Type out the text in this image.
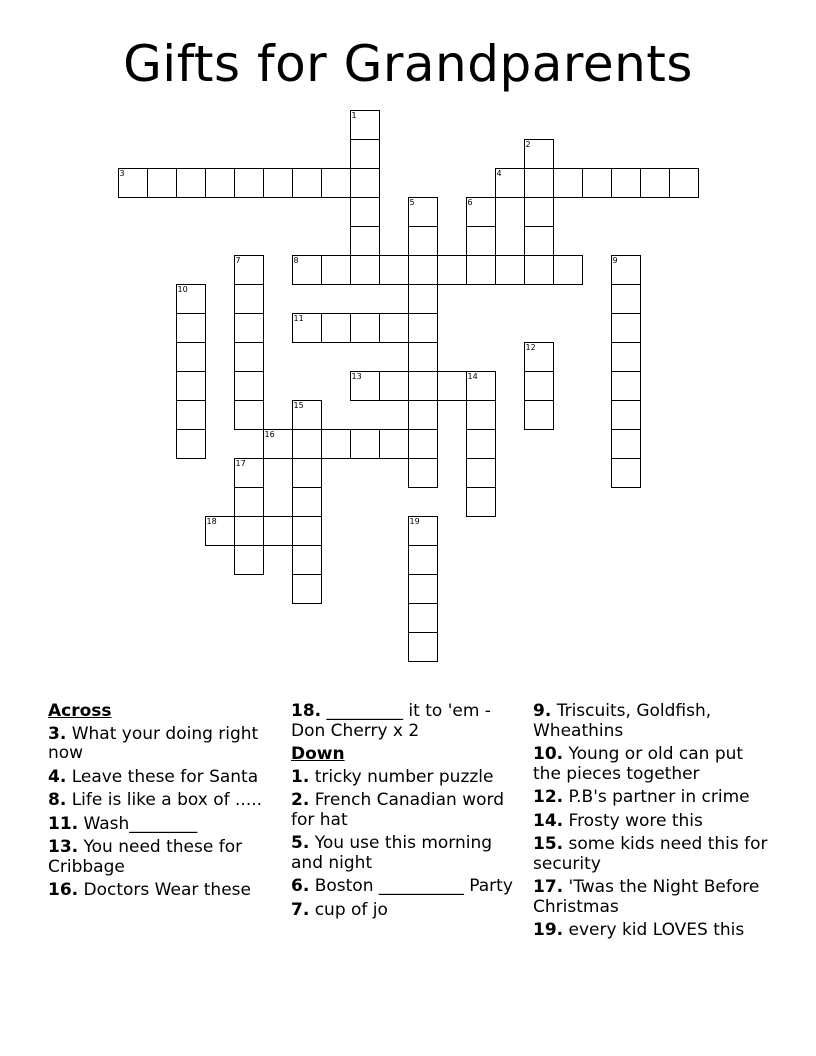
Gifts for Grandparents
1
2
3	4
5	6
7	8	9
10
11
12
13	14
15
16
17
18	19
Across
3. What your doing right now
4. Leave these for Santa
8. Life is like a box of .....
11. Wash________
13. You need these for Cribbage
16. Doctors Wear these
18. _________ it to 'em - Don Cherry x 2
Down
1. tricky number puzzle
2. French Canadian word for hat
5. You use this morning and night
6. Boston __________ Party
7. cup of jo
9. Triscuits, Goldfish, Wheathins
10. Young or old can put the pieces together
12. P.B's partner in crime
14. Frosty wore this
15. some kids need this for security
17. 'Twas the Night Before Christmas
19. every kid LOVES this
